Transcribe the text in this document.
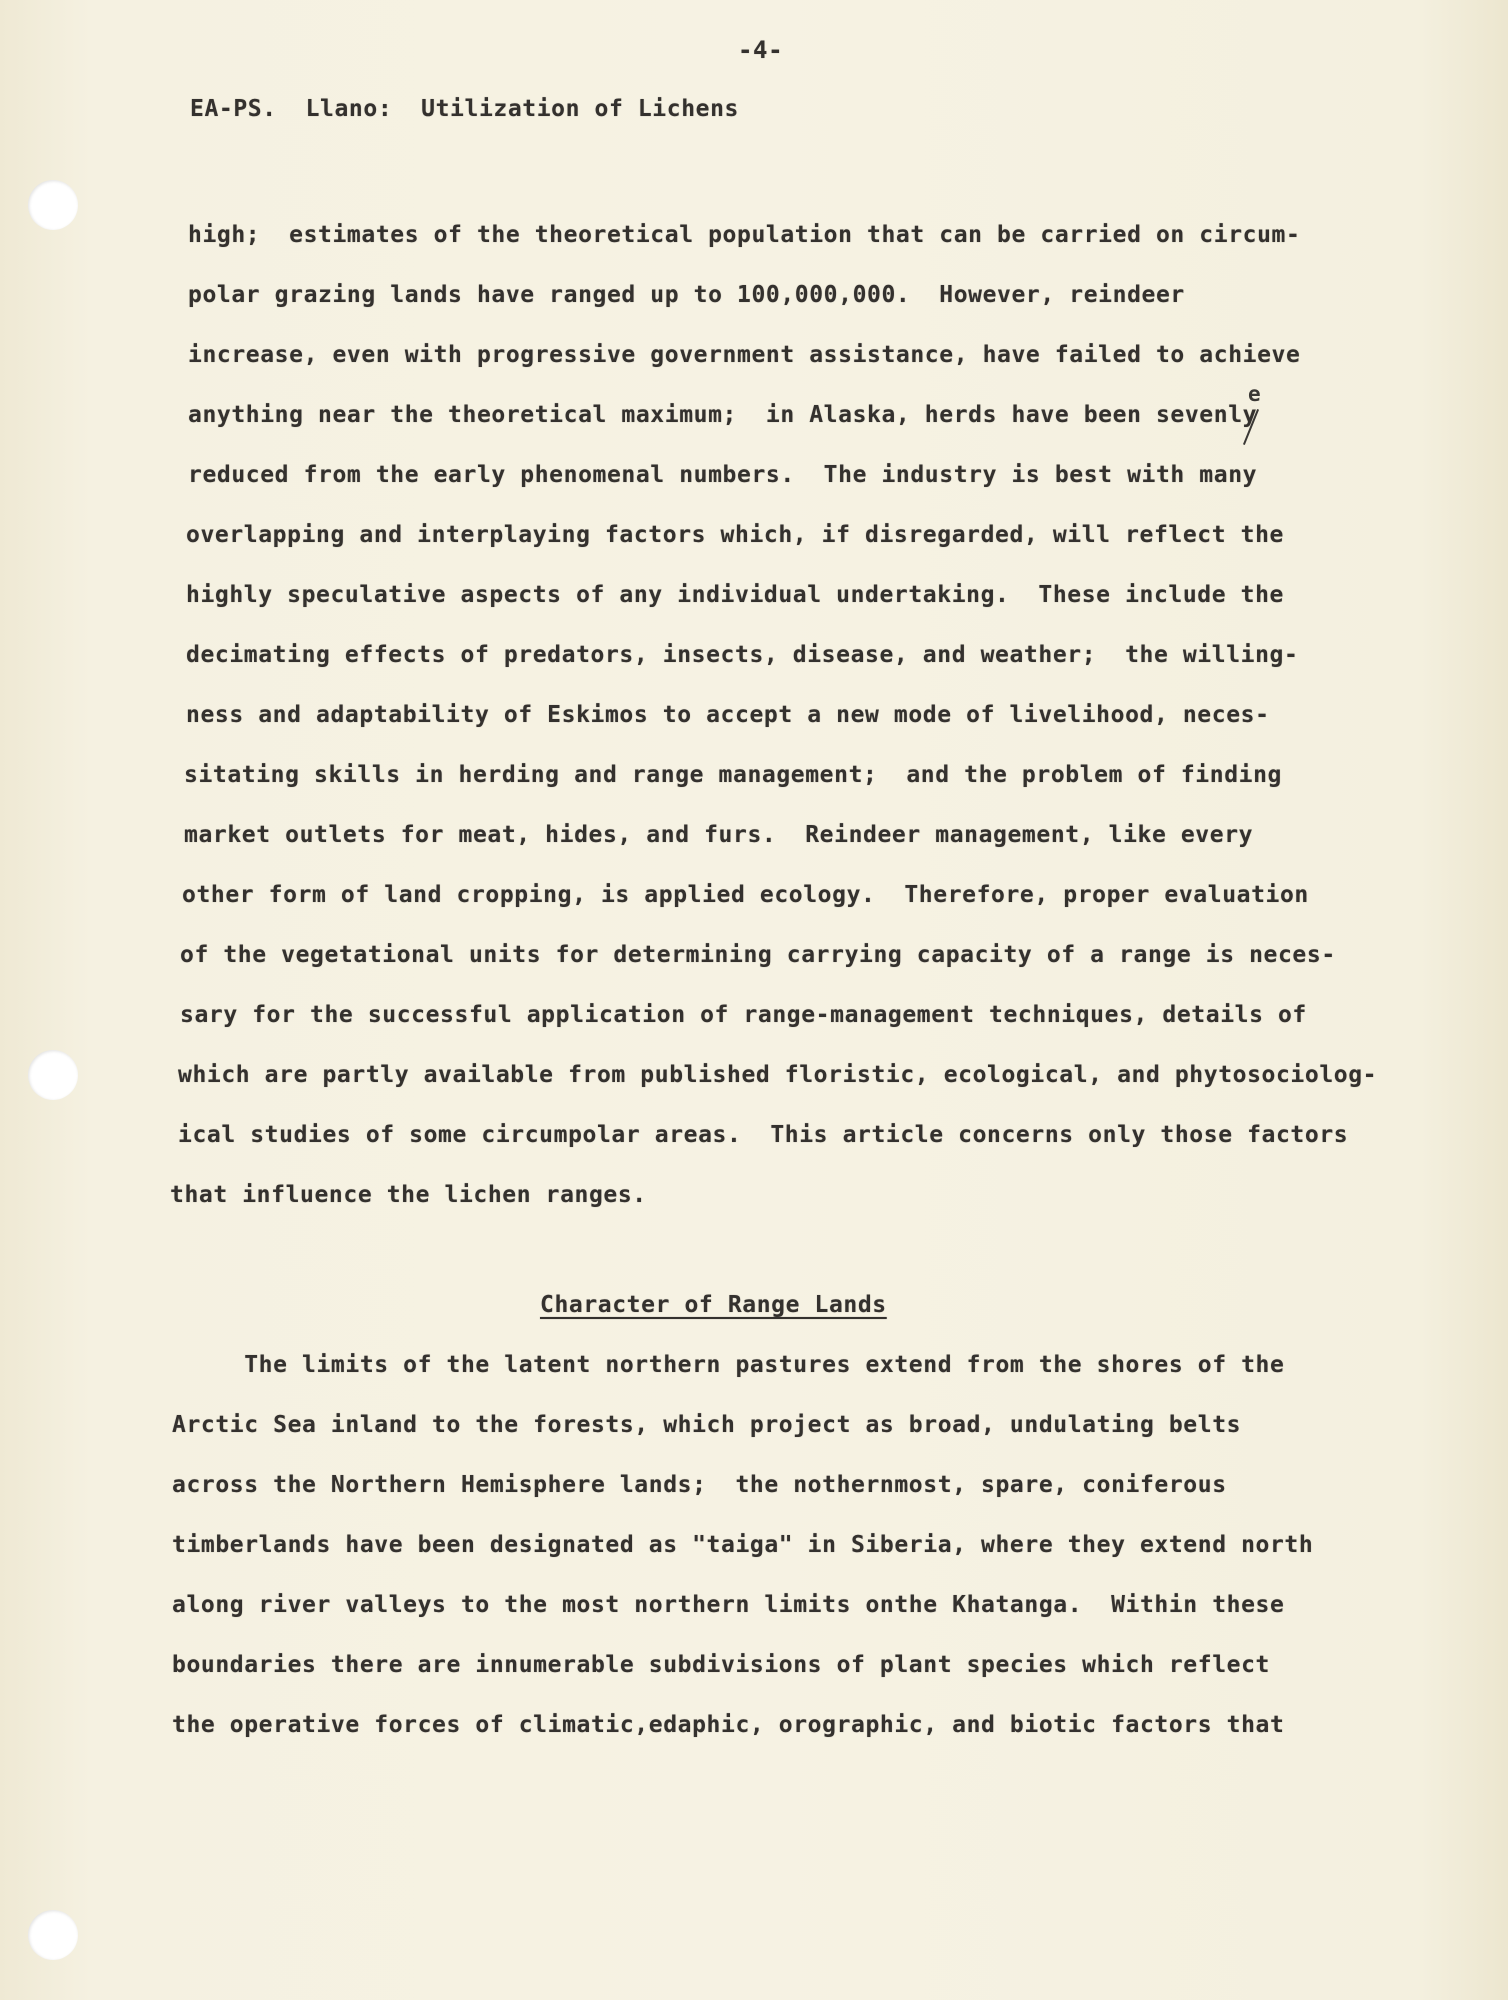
-4-
EA-PS.  Llano:  Utilization of Lichens
high;  estimates of the theoretical population that can be carried on circum-
polar grazing lands have ranged up to 100,000,000.  However, reindeer
increase, even with progressive government assistance, have failed to achieve
anything near the theoretical maximum;  in Alaska, herds have been sevenly
reduced from the early phenomenal numbers.  The industry is best with many
overlapping and interplaying factors which, if disregarded, will reflect the
highly speculative aspects of any individual undertaking.  These include the
decimating effects of predators, insects, disease, and weather;  the willing-
ness and adaptability of Eskimos to accept a new mode of livelihood, neces-
sitating skills in herding and range management;  and the problem of finding
market outlets for meat, hides, and furs.  Reindeer management, like every
other form of land cropping, is applied ecology.  Therefore, proper evaluation
of the vegetational units for determining carrying capacity of a range is neces-
sary for the successful application of range-management techniques, details of
which are partly available from published floristic, ecological, and phytosociolog-
ical studies of some circumpolar areas.  This article concerns only those factors
that influence the lichen ranges.
e
Character of Range Lands
The limits of the latent northern pastures extend from the shores of the
Arctic Sea inland to the forests, which project as broad, undulating belts
across the Northern Hemisphere lands;  the nothernmost, spare, coniferous
timberlands have been designated as "taiga" in Siberia, where they extend north
along river valleys to the most northern limits onthe Khatanga.  Within these
boundaries there are innumerable subdivisions of plant species which reflect
the operative forces of climatic,edaphic, orographic, and biotic factors that
